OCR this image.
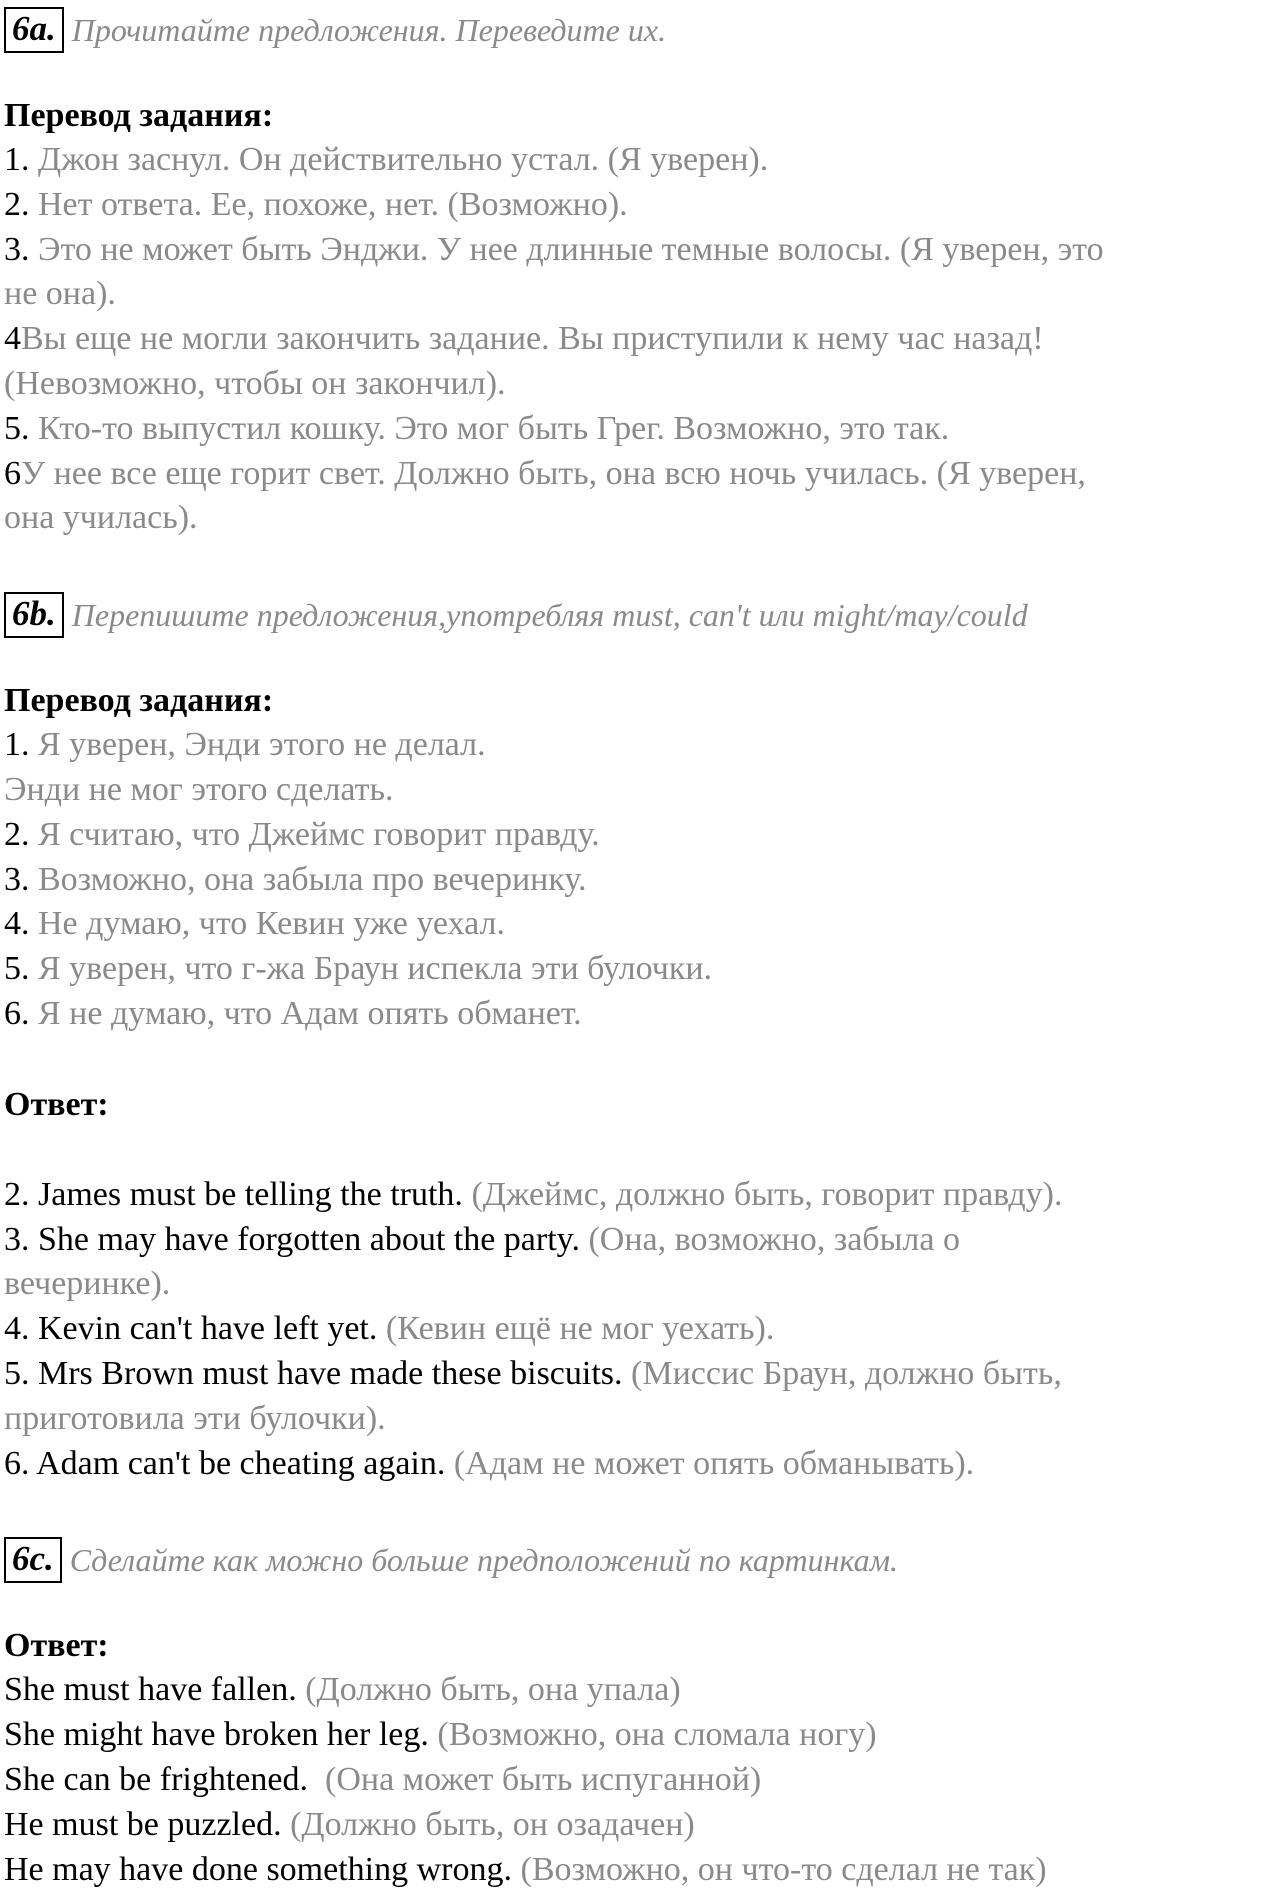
6a. Прочитайте предложения. Переведите их.
Перевод задания:
1. Джон заснул. Он действительно устал. (Я уверен).
2. Нет ответа. Ее, похоже, нет. (Возможно).
3. Это не может быть Энджи. У нее длинные темные волосы. (Я уверен, это
не она).
4Вы еще не могли закончить задание. Вы приступили к нему час назад!
(Невозможно, чтобы он закончил).
5. Кто-то выпустил кошку. Это мог быть Грег. Возможно, это так.
6У нее все еще горит свет. Должно быть, она всю ночь училась. (Я уверен,
она училась).
6b. Перепишите предложения,употребляя must, can't или might/may/could
Перевод задания:
1. Я уверен, Энди этого не делал.
Энди не мог этого сделать.
2. Я считаю, что Джеймс говорит правду.
3. Возможно, она забыла про вечеринку.
4. Не думаю, что Кевин уже уехал.
5. Я уверен, что г-жа Браун испекла эти булочки.
6. Я не думаю, что Адам опять обманет.
Ответ:
2. James must be telling the truth. (Джеймс, должно быть, говорит правду).
3. She may have forgotten about the party. (Она, возможно, забыла о
вечеринке).
4. Kevin can't have left yet. (Кевин ещё не мог уехать).
5. Mrs Brown must have made these biscuits. (Миссис Браун, должно быть,
приготовила эти булочки).
6. Adam can't be cheating again. (Адам не может опять обманывать).
6c. Сделайте как можно больше предположений по картинкам.
Ответ:
She must have fallen. (Должно быть, она упала)
She might have broken her leg. (Возможно, она сломала ногу)
She can be frightened.  (Она может быть испуганной)
He must be puzzled. (Должно быть, он озадачен)
He may have done something wrong. (Возможно, он что-то сделал не так)
